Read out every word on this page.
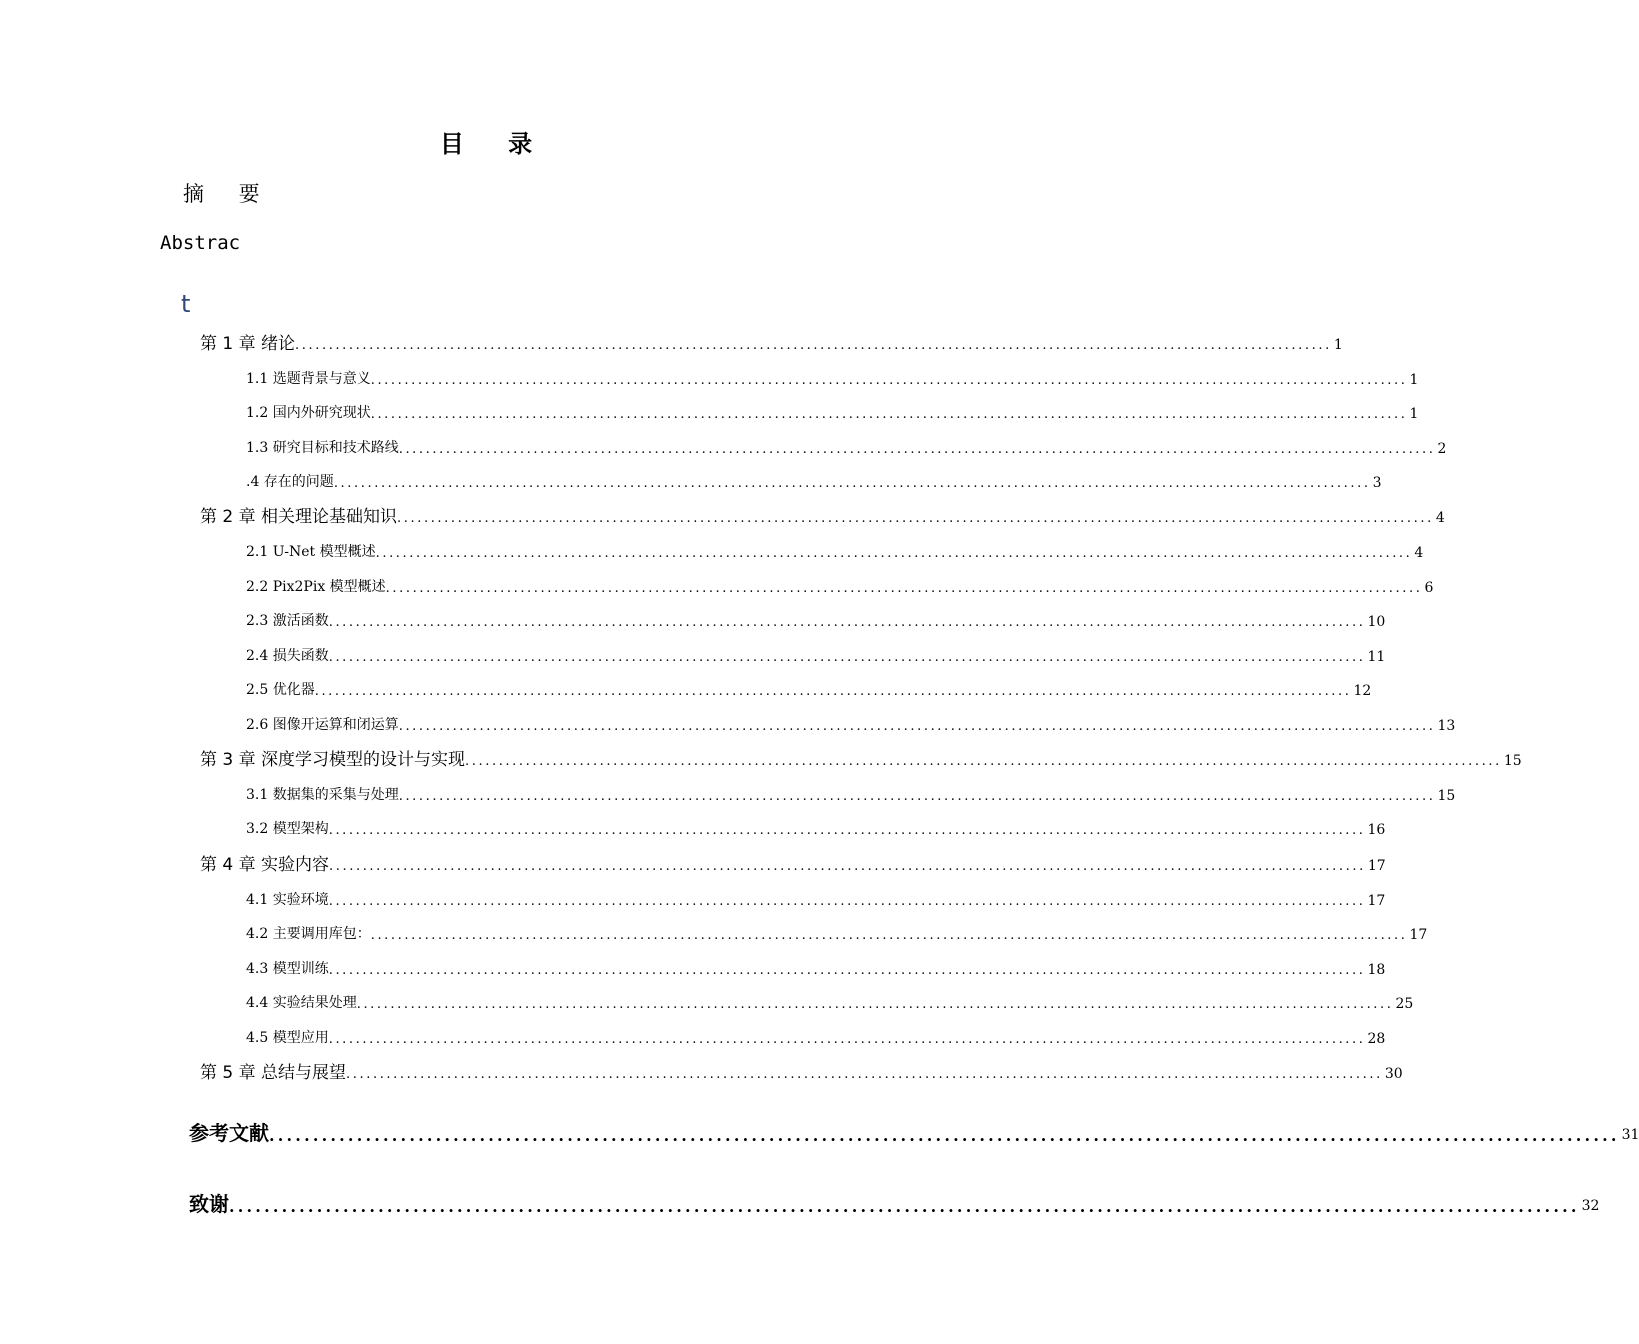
目 录
摘 要
Abstrac
t
第 1 章 绪论 .......................................................................................................................................................... 1
1.1 选题背景与意义 .......................................................................................................................................................... 1
1.2 国内外研究现状 .......................................................................................................................................................... 1
1.3 研究目标和技术路线 .......................................................................................................................................................... 2
.4 存在的问题 .......................................................................................................................................................... 3
第 2 章 相关理论基础知识 .......................................................................................................................................................... 4
2.1 U-Net 模型概述 .......................................................................................................................................................... 4
2.2 Pix2Pix 模型概述 .......................................................................................................................................................... 6
2.3 激活函数 .......................................................................................................................................................... 10
2.4 损失函数 .......................................................................................................................................................... 11
2.5 优化器 .......................................................................................................................................................... 12
2.6 图像开运算和闭运算 .......................................................................................................................................................... 13
第 3 章 深度学习模型的设计与实现 .......................................................................................................................................................... 15
3.1 数据集的采集与处理 .......................................................................................................................................................... 15
3.2 模型架构 .......................................................................................................................................................... 16
第 4 章 实验内容 .......................................................................................................................................................... 17
4.1 实验环境 .......................................................................................................................................................... 17
4.2 主要调用库包： .......................................................................................................................................................... 17
4.3 模型训练 .......................................................................................................................................................... 18
4.4 实验结果处理 .......................................................................................................................................................... 25
4.5 模型应用 .......................................................................................................................................................... 28
第 5 章 总结与展望 .......................................................................................................................................................... 30
参考文献 .......................................................................................................................................................... 31
致谢 .......................................................................................................................................................... 32
